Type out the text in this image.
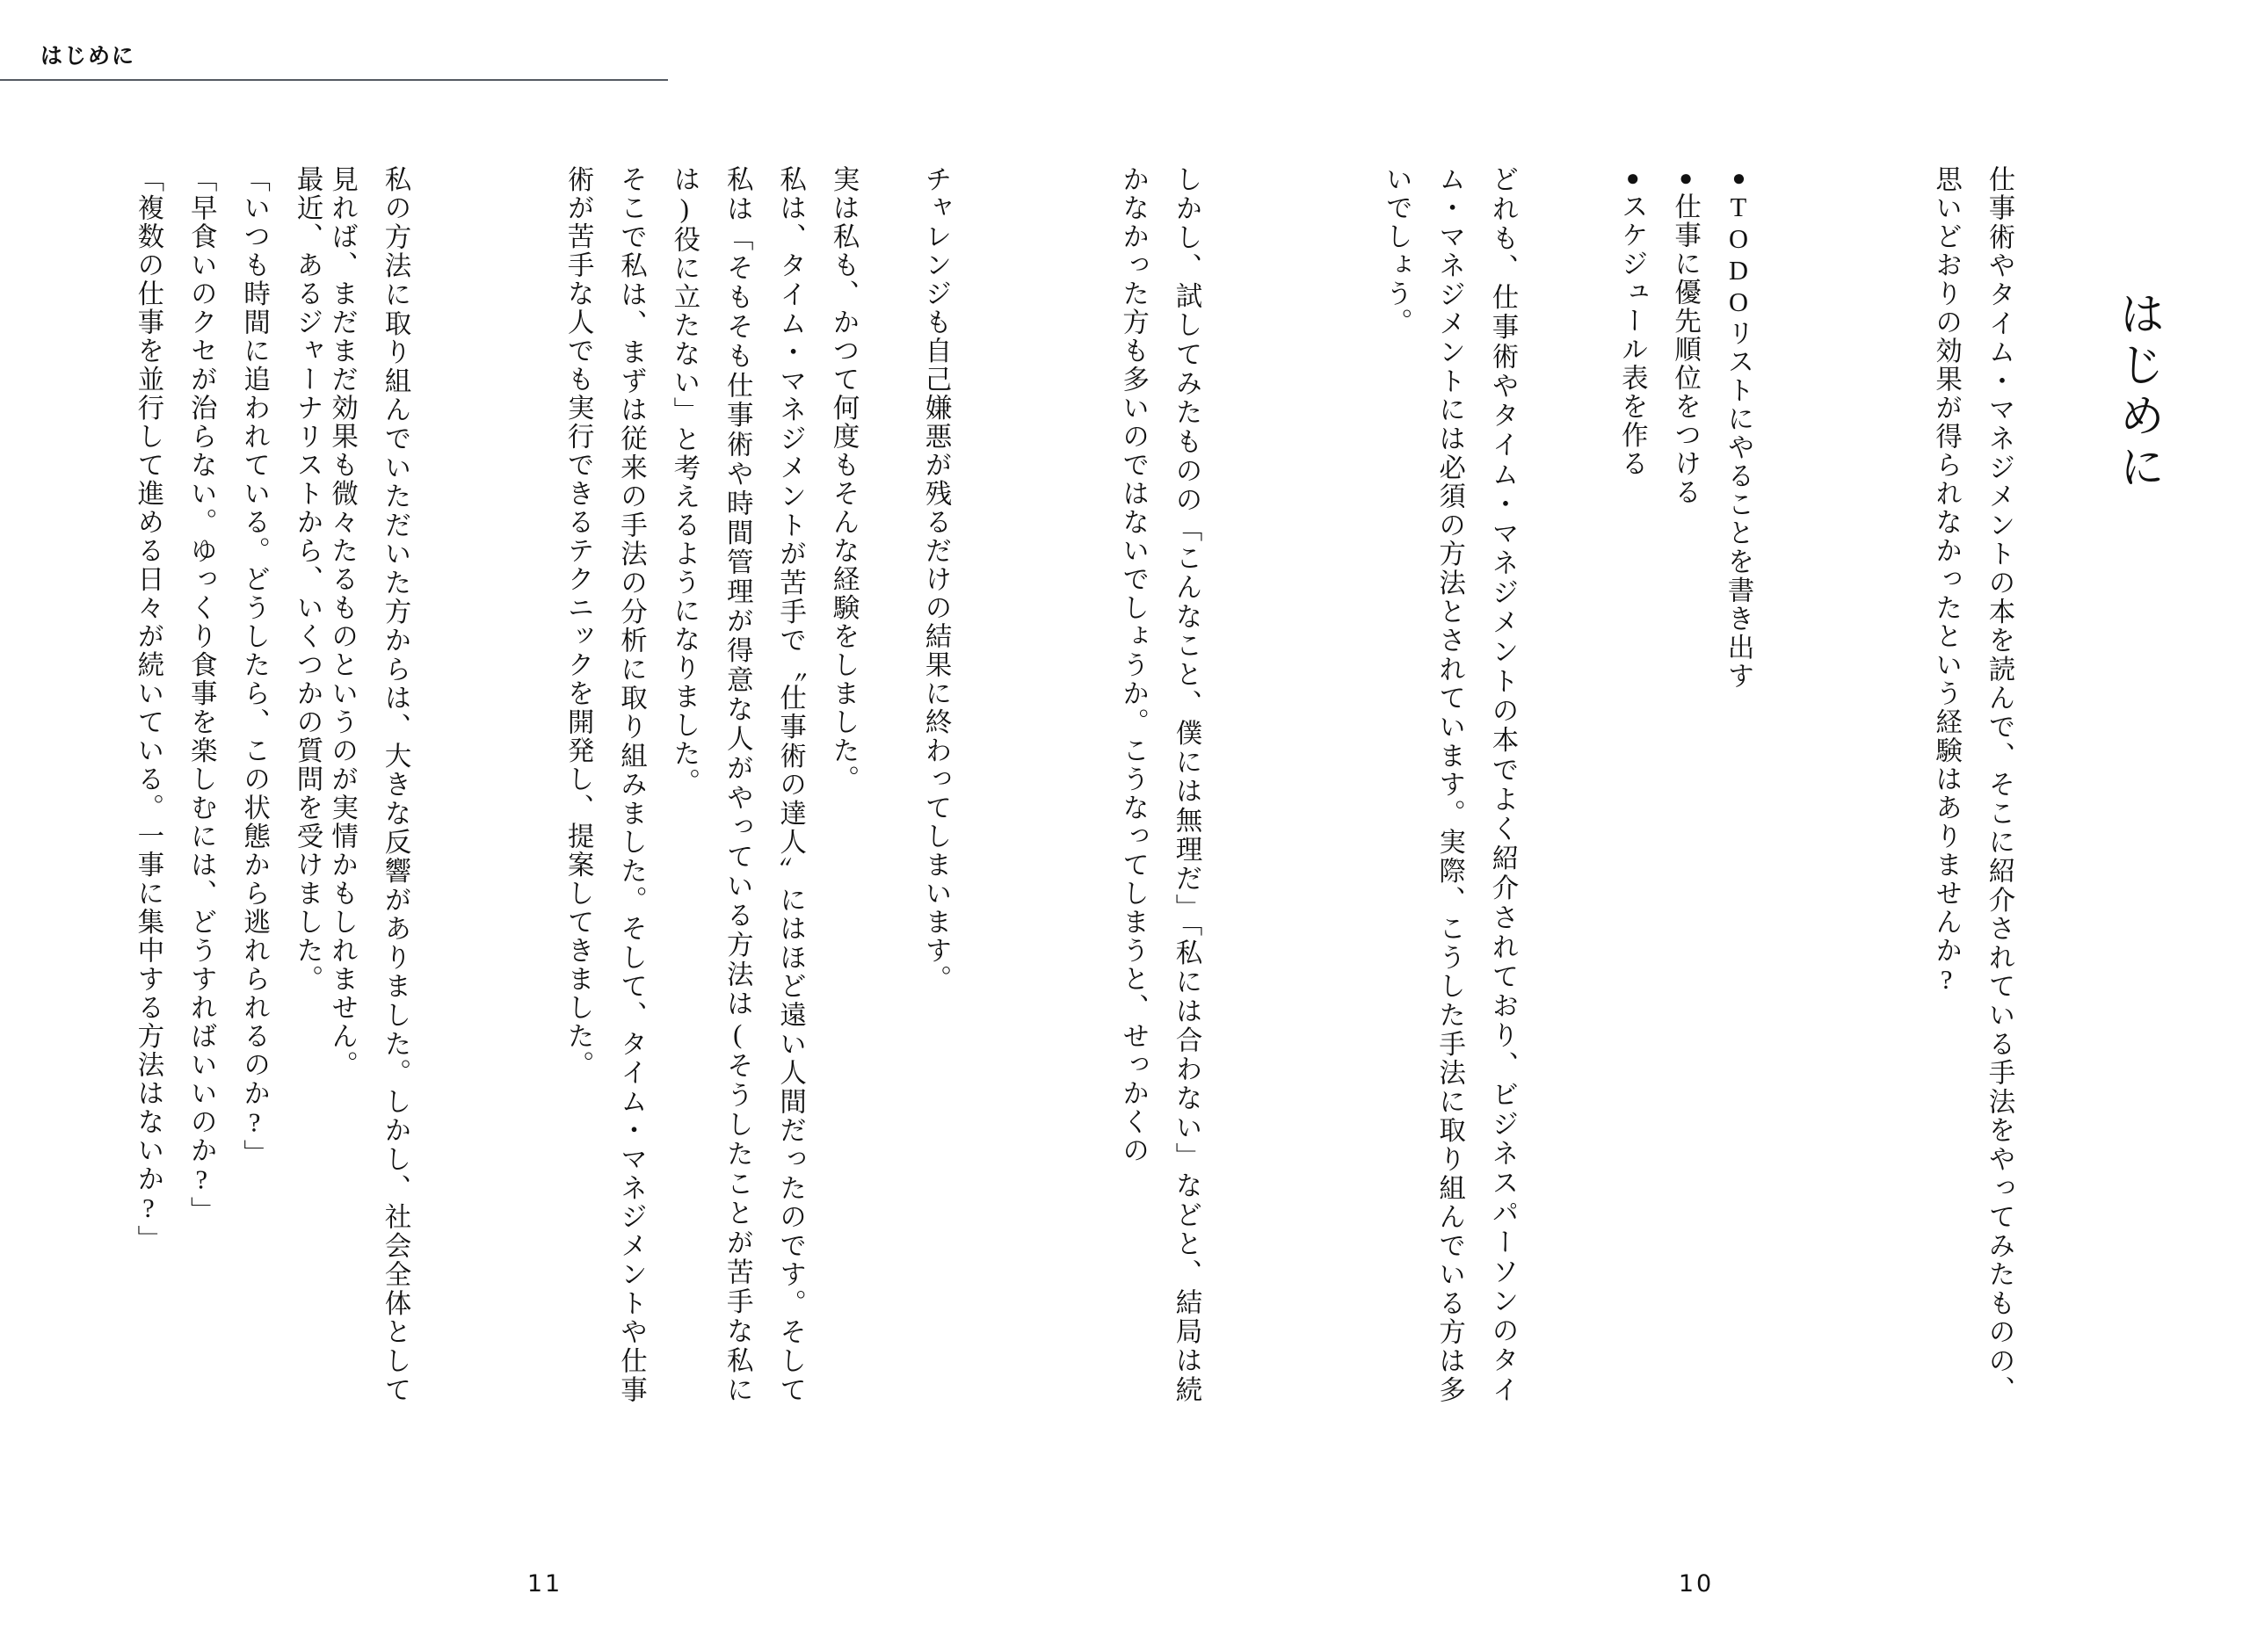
はじめに
はじめに
仕事術やタイム・マネジメントの本を読んで、そこに紹介されている手法をやってみたものの、思いどおりの効果が得られなかったという経験はありませんか?
●TODOリストにやることを書き出す
●仕事に優先順位をつける
●スケジュール表を作る
どれも、仕事術やタイム・マネジメントの本でよく紹介されており、ビジネスパーソンのタイム・マネジメントには必須の方法とされています。実際、こうした手法に取り組んでいる方は多いでしょう。
しかし、試してみたものの「こんなこと、僕には無理だ」「私には合わない」などと、結局は続かなかった方も多いのではないでしょうか。こうなってしまうと、せっかくの
10
チャレンジも自己嫌悪が残るだけの結果に終わってしまいます。
実は私も、かつて何度もそんな経験をしました。
私は、タイム・マネジメントが苦手で〝仕事術の達人〟にはほど遠い人間だったのです。そして私は「そもそも仕事術や時間管理が得意な人がやっている方法は(そうしたことが苦手な私には)役に立たない」と考えるようになりました。
そこで私は、まずは従来の手法の分析に取り組みました。そして、タイム・マネジメントや仕事術が苦手な人でも実行できるテクニックを開発し、提案してきました。
私の方法に取り組んでいただいた方からは、大きな反響がありました。しかし、社会全体として見れば、まだまだ効果も微々たるものというのが実情かもしれません。
最近、あるジャーナリストから、いくつかの質問を受けました。
「いつも時間に追われている。どうしたら、この状態から逃れられるのか?」
「早食いのクセが治らない。ゆっくり食事を楽しむには、どうすればいいのか?」
「複数の仕事を並行して進める日々が続いている。一事に集中する方法はないか?」
11
